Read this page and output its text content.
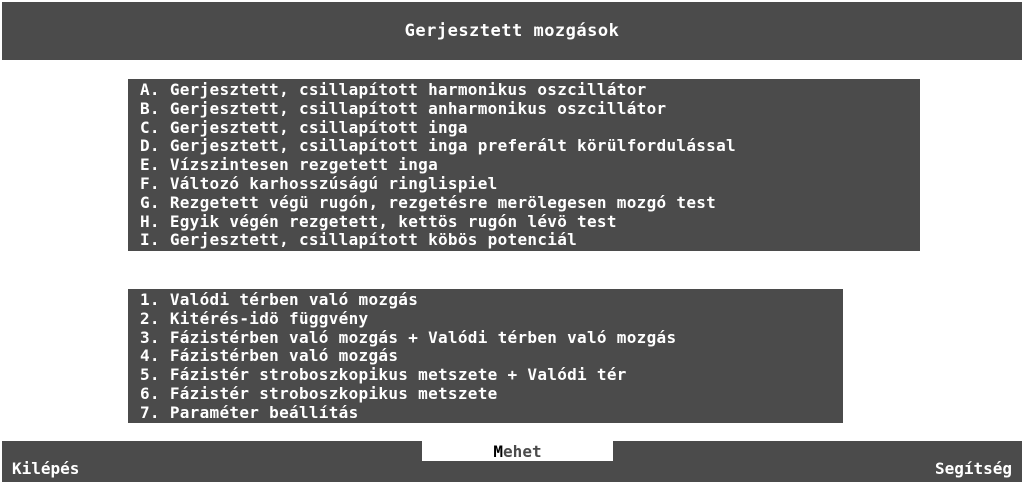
Gerjesztett mozgások
A. Gerjesztett, csillapított harmonikus oszcillátor
B. Gerjesztett, csillapított anharmonikus oszcillátor
C. Gerjesztett, csillapított inga
D. Gerjesztett, csillapított inga preferált körülfordulással
E. Vízszintesen rezgetett inga
F. Változó karhosszúságú ringlispiel
G. Rezgetett végü rugón, rezgetésre merölegesen mozgó test
H. Egyik végén rezgetett, kettös rugón lévö test
I. Gerjesztett, csillapított köbös potenciál
1. Valódi térben való mozgás
2. Kitérés-idö függvény
3. Fázistérben való mozgás + Valódi térben való mozgás
4. Fázistérben való mozgás
5. Fázistér stroboszkopikus metszete + Valódi tér
6. Fázistér stroboszkopikus metszete
7. Paraméter beállítás
Kilépés	Segítség
M ehet
